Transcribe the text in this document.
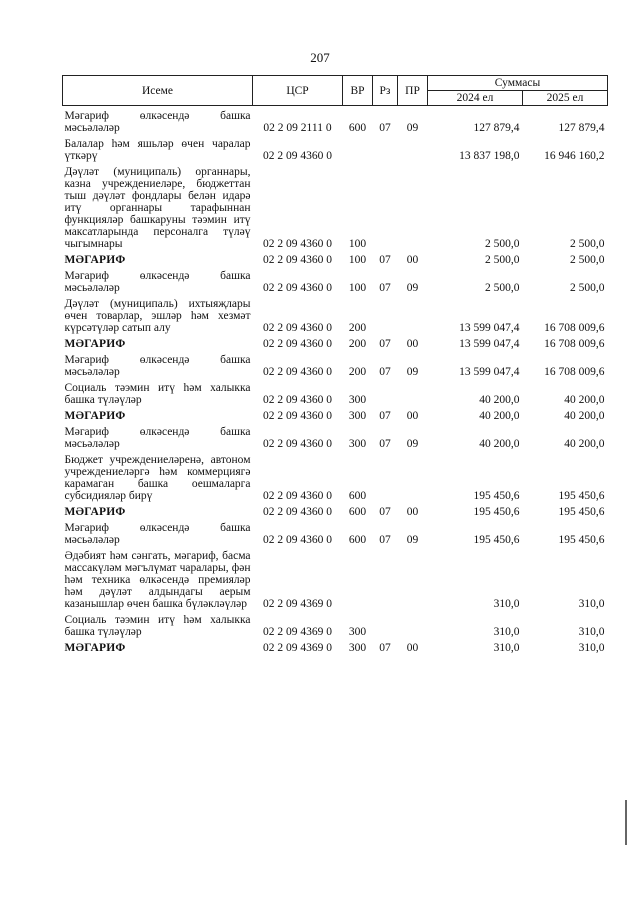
207
Исеме	ЦСР	ВР	Рз	ПР	Суммасы	
					2024 ел	2025 ел
Мәгариф өлкәсендә башка мәсьәләләр	02 2 09 2111 0	600	07	09	127 879,4	127 879,4
Балалар һәм яшьләр өчен чаралар үткәрү	02 2 09 4360 0				13 837 198,0	16 946 160,2
Дәүләт (муниципаль) органнары, казна учреждениеләре, бюджеттан тыш дәүләт фондлары белән идарә итү органнары тарафыннан функцияләр башкаруны тәэмин итү максатларында персоналга түләү чыгымнары	02 2 09 4360 0	100			2 500,0	2 500,0
МӘГАРИФ	02 2 09 4360 0	100	07	00	2 500,0	2 500,0
Мәгариф өлкәсендә башка мәсьәләләр	02 2 09 4360 0	100	07	09	2 500,0	2 500,0
Дәүләт (муниципаль) ихтыяҗлары өчен товарлар, эшләр һәм хезмәт күрсәтүләр сатып алу	02 2 09 4360 0	200			13 599 047,4	16 708 009,6
МӘГАРИФ	02 2 09 4360 0	200	07	00	13 599 047,4	16 708 009,6
Мәгариф өлкәсендә башка мәсьәләләр	02 2 09 4360 0	200	07	09	13 599 047,4	16 708 009,6
Социаль тәэмин итү һәм халыкка башка түләүләр	02 2 09 4360 0	300			40 200,0	40 200,0
МӘГАРИФ	02 2 09 4360 0	300	07	00	40 200,0	40 200,0
Мәгариф өлкәсендә башка мәсьәләләр	02 2 09 4360 0	300	07	09	40 200,0	40 200,0
Бюджет учреждениеләренә, автоном учреждениеләргә һәм коммерциягә карамаган башка оешмаларга субсидияләр бирү	02 2 09 4360 0	600			195 450,6	195 450,6
МӘГАРИФ	02 2 09 4360 0	600	07	00	195 450,6	195 450,6
Мәгариф өлкәсендә башка мәсьәләләр	02 2 09 4360 0	600	07	09	195 450,6	195 450,6
Әдәбият һәм сәнгать, мәгариф, басма массакүләм мәгълүмат чаралары, фән һәм техника өлкәсендә премияләр һәм дәүләт алдындагы аерым казанышлар өчен башка бүләкләүләр	02 2 09 4369 0				310,0	310,0
Социаль тәэмин итү һәм халыкка башка түләүләр	02 2 09 4369 0	300			310,0	310,0
МӘГАРИФ	02 2 09 4369 0	300	07	00	310,0	310,0
